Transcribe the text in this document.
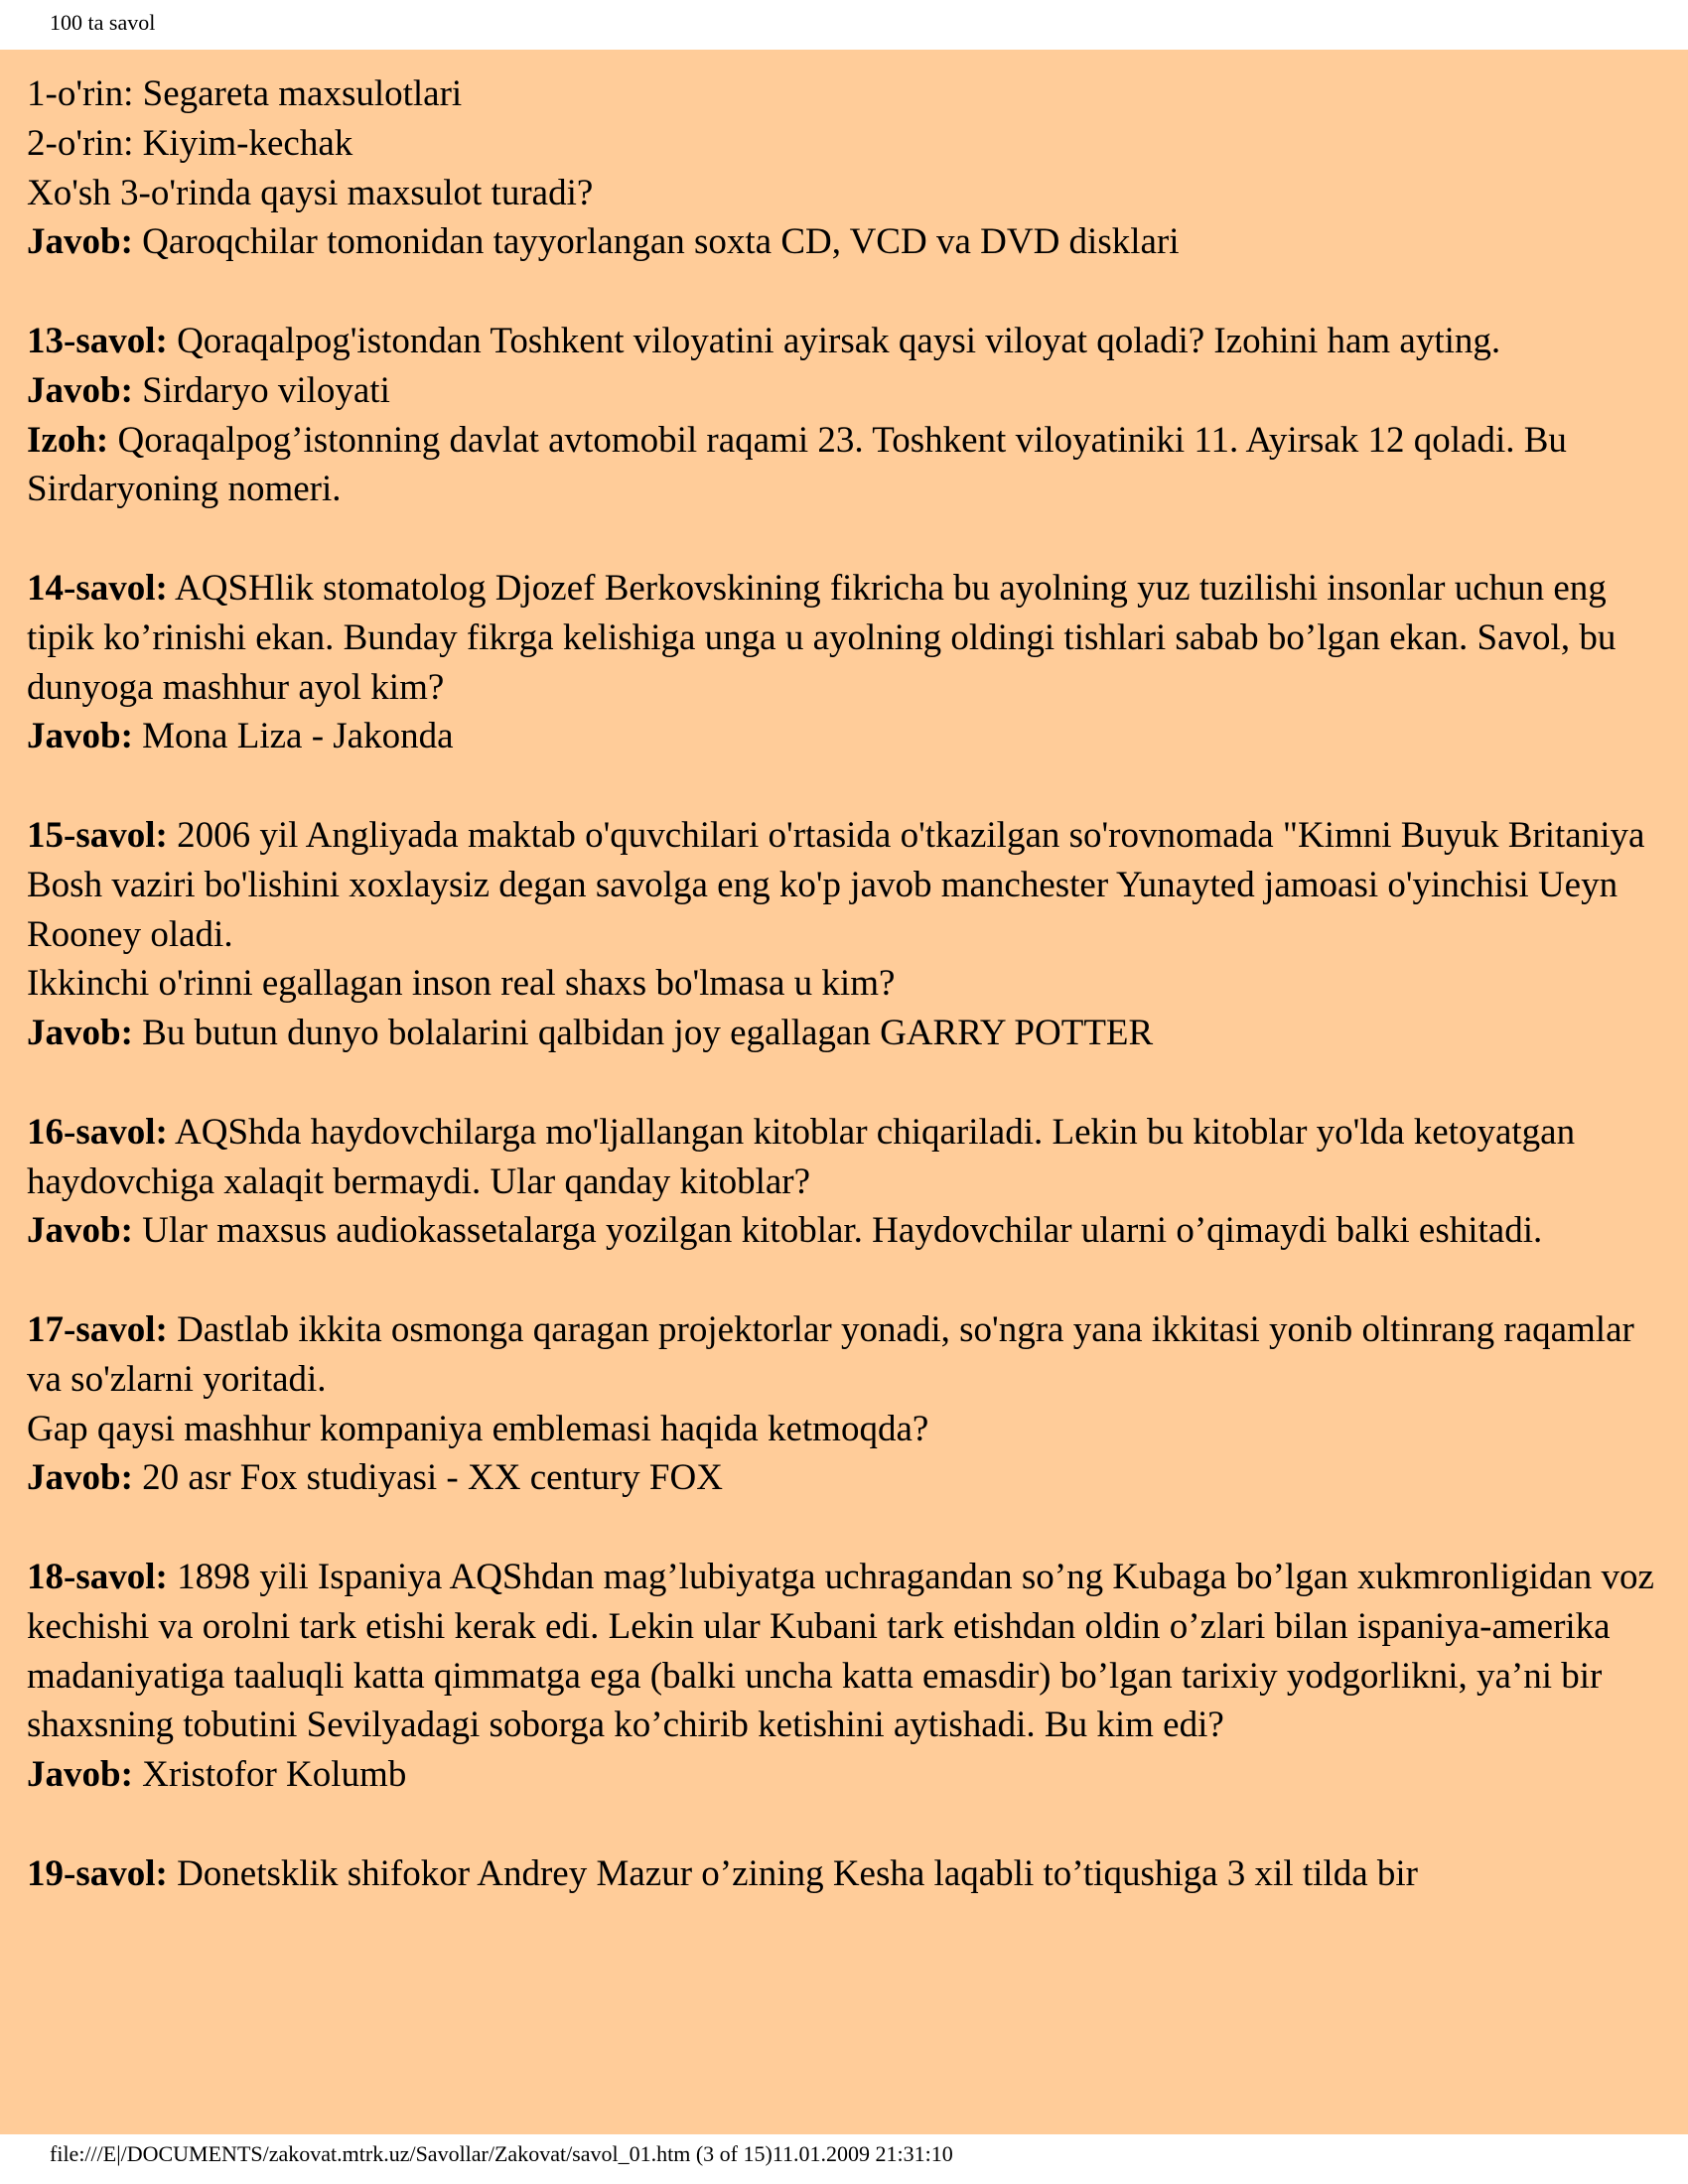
100 ta savol
1-o'rin: Segareta maxsulotlari
2-o'rin: Kiyim-kechak
Xo'sh 3-o'rinda qaysi maxsulot turadi?
Javob: Qaroqchilar tomonidan tayyorlangan soxta CD, VCD va DVD disklari
13-savol: Qoraqalpog'istondan Toshkent viloyatini ayirsak qaysi viloyat qoladi? Izohini ham ayting.
Javob: Sirdaryo viloyati
Izoh: Qoraqalpog’istonning davlat avtomobil raqami 23. Toshkent viloyatiniki 11. Ayirsak 12 qoladi. Bu Sirdaryoning nomeri.
14-savol: AQSHlik stomatolog Djozef Berkovskining fikricha bu ayolning yuz tuzilishi insonlar uchun eng tipik ko’rinishi ekan. Bunday fikrga kelishiga unga u ayolning oldingi tishlari sabab bo’lgan ekan. Savol, bu dunyoga mashhur ayol kim?
Javob: Mona Liza - Jakonda
15-savol: 2006 yil Angliyada maktab o'quvchilari o'rtasida o'tkazilgan so'rovnomada "Kimni Buyuk Britaniya Bosh vaziri bo'lishini xoxlaysiz degan savolga eng ko'p javob manchester Yunayted jamoasi o'yinchisi Ueyn Rooney oladi.
Ikkinchi o'rinni egallagan inson real shaxs bo'lmasa u kim?
Javob: Bu butun dunyo bolalarini qalbidan joy egallagan GARRY POTTER
16-savol: AQShda haydovchilarga mo'ljallangan kitoblar chiqariladi. Lekin bu kitoblar yo'lda ketoyatgan haydovchiga xalaqit bermaydi. Ular qanday kitoblar?
Javob: Ular maxsus audiokassetalarga yozilgan kitoblar. Haydovchilar ularni o’qimaydi balki eshitadi.
17-savol: Dastlab ikkita osmonga qaragan projektorlar yonadi, so'ngra yana ikkitasi yonib oltinrang raqamlar va so'zlarni yoritadi.
Gap qaysi mashhur kompaniya emblemasi haqida ketmoqda?
Javob: 20 asr Fox studiyasi - XX century FOX
18-savol: 1898 yili Ispaniya AQShdan mag’lubiyatga uchragandan so’ng Kubaga bo’lgan xukmronligidan voz kechishi va orolni tark etishi kerak edi. Lekin ular Kubani tark etishdan oldin o’zlari bilan ispaniya-amerika madaniyatiga taaluqli katta qimmatga ega (balki uncha katta emasdir) bo’lgan tarixiy yodgorlikni, ya’ni bir shaxsning tobutini Sevilyadagi soborga ko’chirib ketishini aytishadi. Bu kim edi?
Javob: Xristofor Kolumb
19-savol: Donetsklik shifokor Andrey Mazur o’zining Kesha laqabli to’tiqushiga 3 xil tilda bir
file:///E|/DOCUMENTS/zakovat.mtrk.uz/Savollar/Zakovat/savol_01.htm (3 of 15)11.01.2009 21:31:10
